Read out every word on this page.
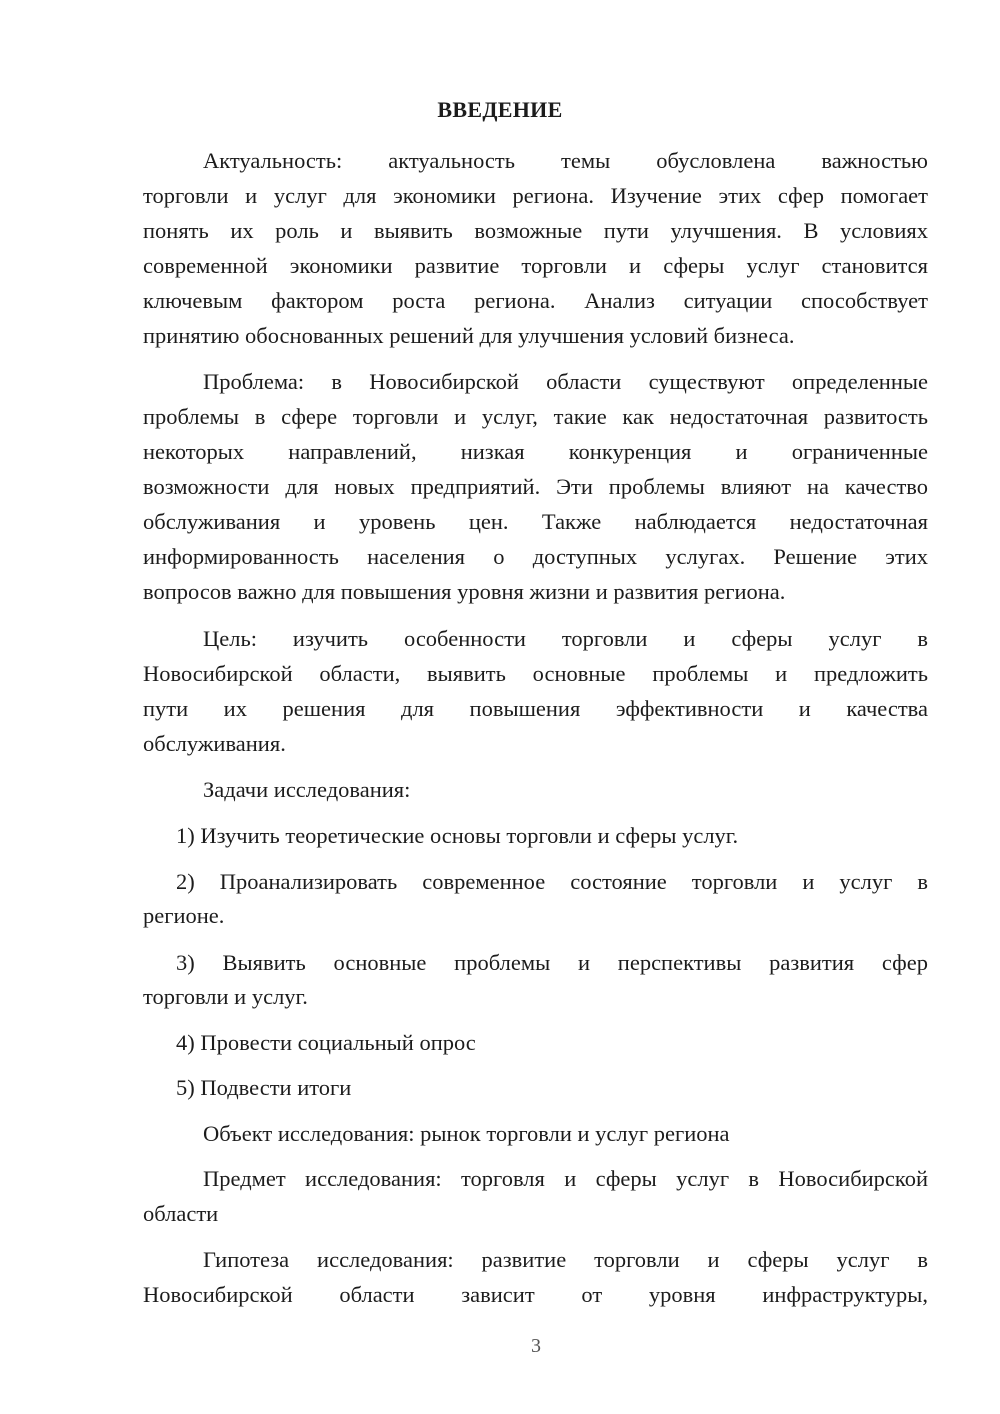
ВВЕДЕНИЕ
Актуальность: актуальность темы обусловлена важностью
торговли и услуг для экономики региона. Изучение этих сфер помогает
понять их роль и выявить возможные пути улучшения. В условиях
современной экономики развитие торговли и сферы услуг становится
ключевым фактором роста региона. Анализ ситуации способствует
принятию обоснованных решений для улучшения условий бизнеса.
Проблема: в Новосибирской области существуют определенные
проблемы в сфере торговли и услуг, такие как недостаточная развитость
некоторых направлений, низкая конкуренция и ограниченные
возможности для новых предприятий. Эти проблемы влияют на качество
обслуживания и уровень цен. Также наблюдается недостаточная
информированность населения о доступных услугах. Решение этих
вопросов важно для повышения уровня жизни и развития региона.
Цель: изучить особенности торговли и сферы услуг в
Новосибирской области, выявить основные проблемы и предложить
пути их решения для повышения эффективности и качества
обслуживания.
Задачи исследования:
1) Изучить теоретические основы торговли и сферы услуг.
2) Проанализировать современное состояние торговли и услуг в
регионе.
3) Выявить основные проблемы и перспективы развития сфер
торговли и услуг.
4) Провести социальный опрос
5) Подвести итоги
Объект исследования: рынок торговли и услуг региона
Предмет исследования: торговля и сферы услуг в Новосибирской
области
Гипотеза исследования: развитие торговли и сферы услуг в
Новосибирской области зависит от уровня инфраструктуры,
3
